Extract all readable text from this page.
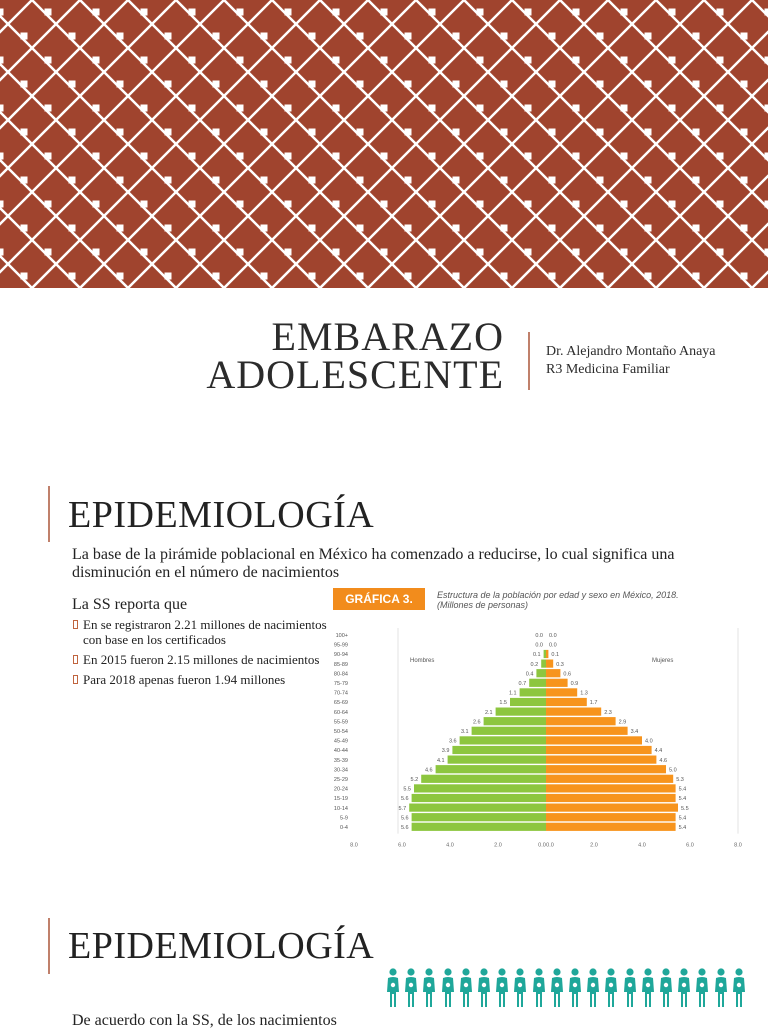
EMBARAZO
ADOLESCENTE
Dr. Alejandro Montaño Anaya
R3 Medicina Familiar
EPIDEMIOLOGÍA
La base de la pirámide poblacional en México ha comenzado a reducirse, lo cual significa una disminución en el número de nacimientos
La SS reporta que
En se registraron 2.21 millones de nacimientos con base en los certificados
En 2015 fueron 2.15 millones de nacimientos
Para 2018 apenas fueron 1.94 millones
GRÁFICA 3.	Estructura de la población por edad y sexo en México, 2018.
(Millones de personas)
100+	0.0 0.0
95-99	0.0 0.0
90-94	0.1 0.1
85-89	0.2	0.3
80-84	0.4	0.6
75-79	0.7	0.9
70-74	1.1	1.3
65-69	1.5	1.7
60-64	2.1	2.3
55-59	2.6	2.9
50-54	3.1	3.4
45-49	3.6	4.0
40-44	3.9	4.4
35-39	4.1	4.6
30-34	4.6	5.0
25-29	5.2	5.3
20-24	5.5	5.4
15-19	5.6	5.4
10-14	5.7	5.5
5-9	5.6	5.4
0-4	5.6	5.4
Hombres	Mujeres
8.0	6.0	4.0	2.0	0.0 0.0	2.0	4.0	6.0	8.0
EPIDEMIOLOGÍA
De acuerdo con la SS, de los nacimientos
